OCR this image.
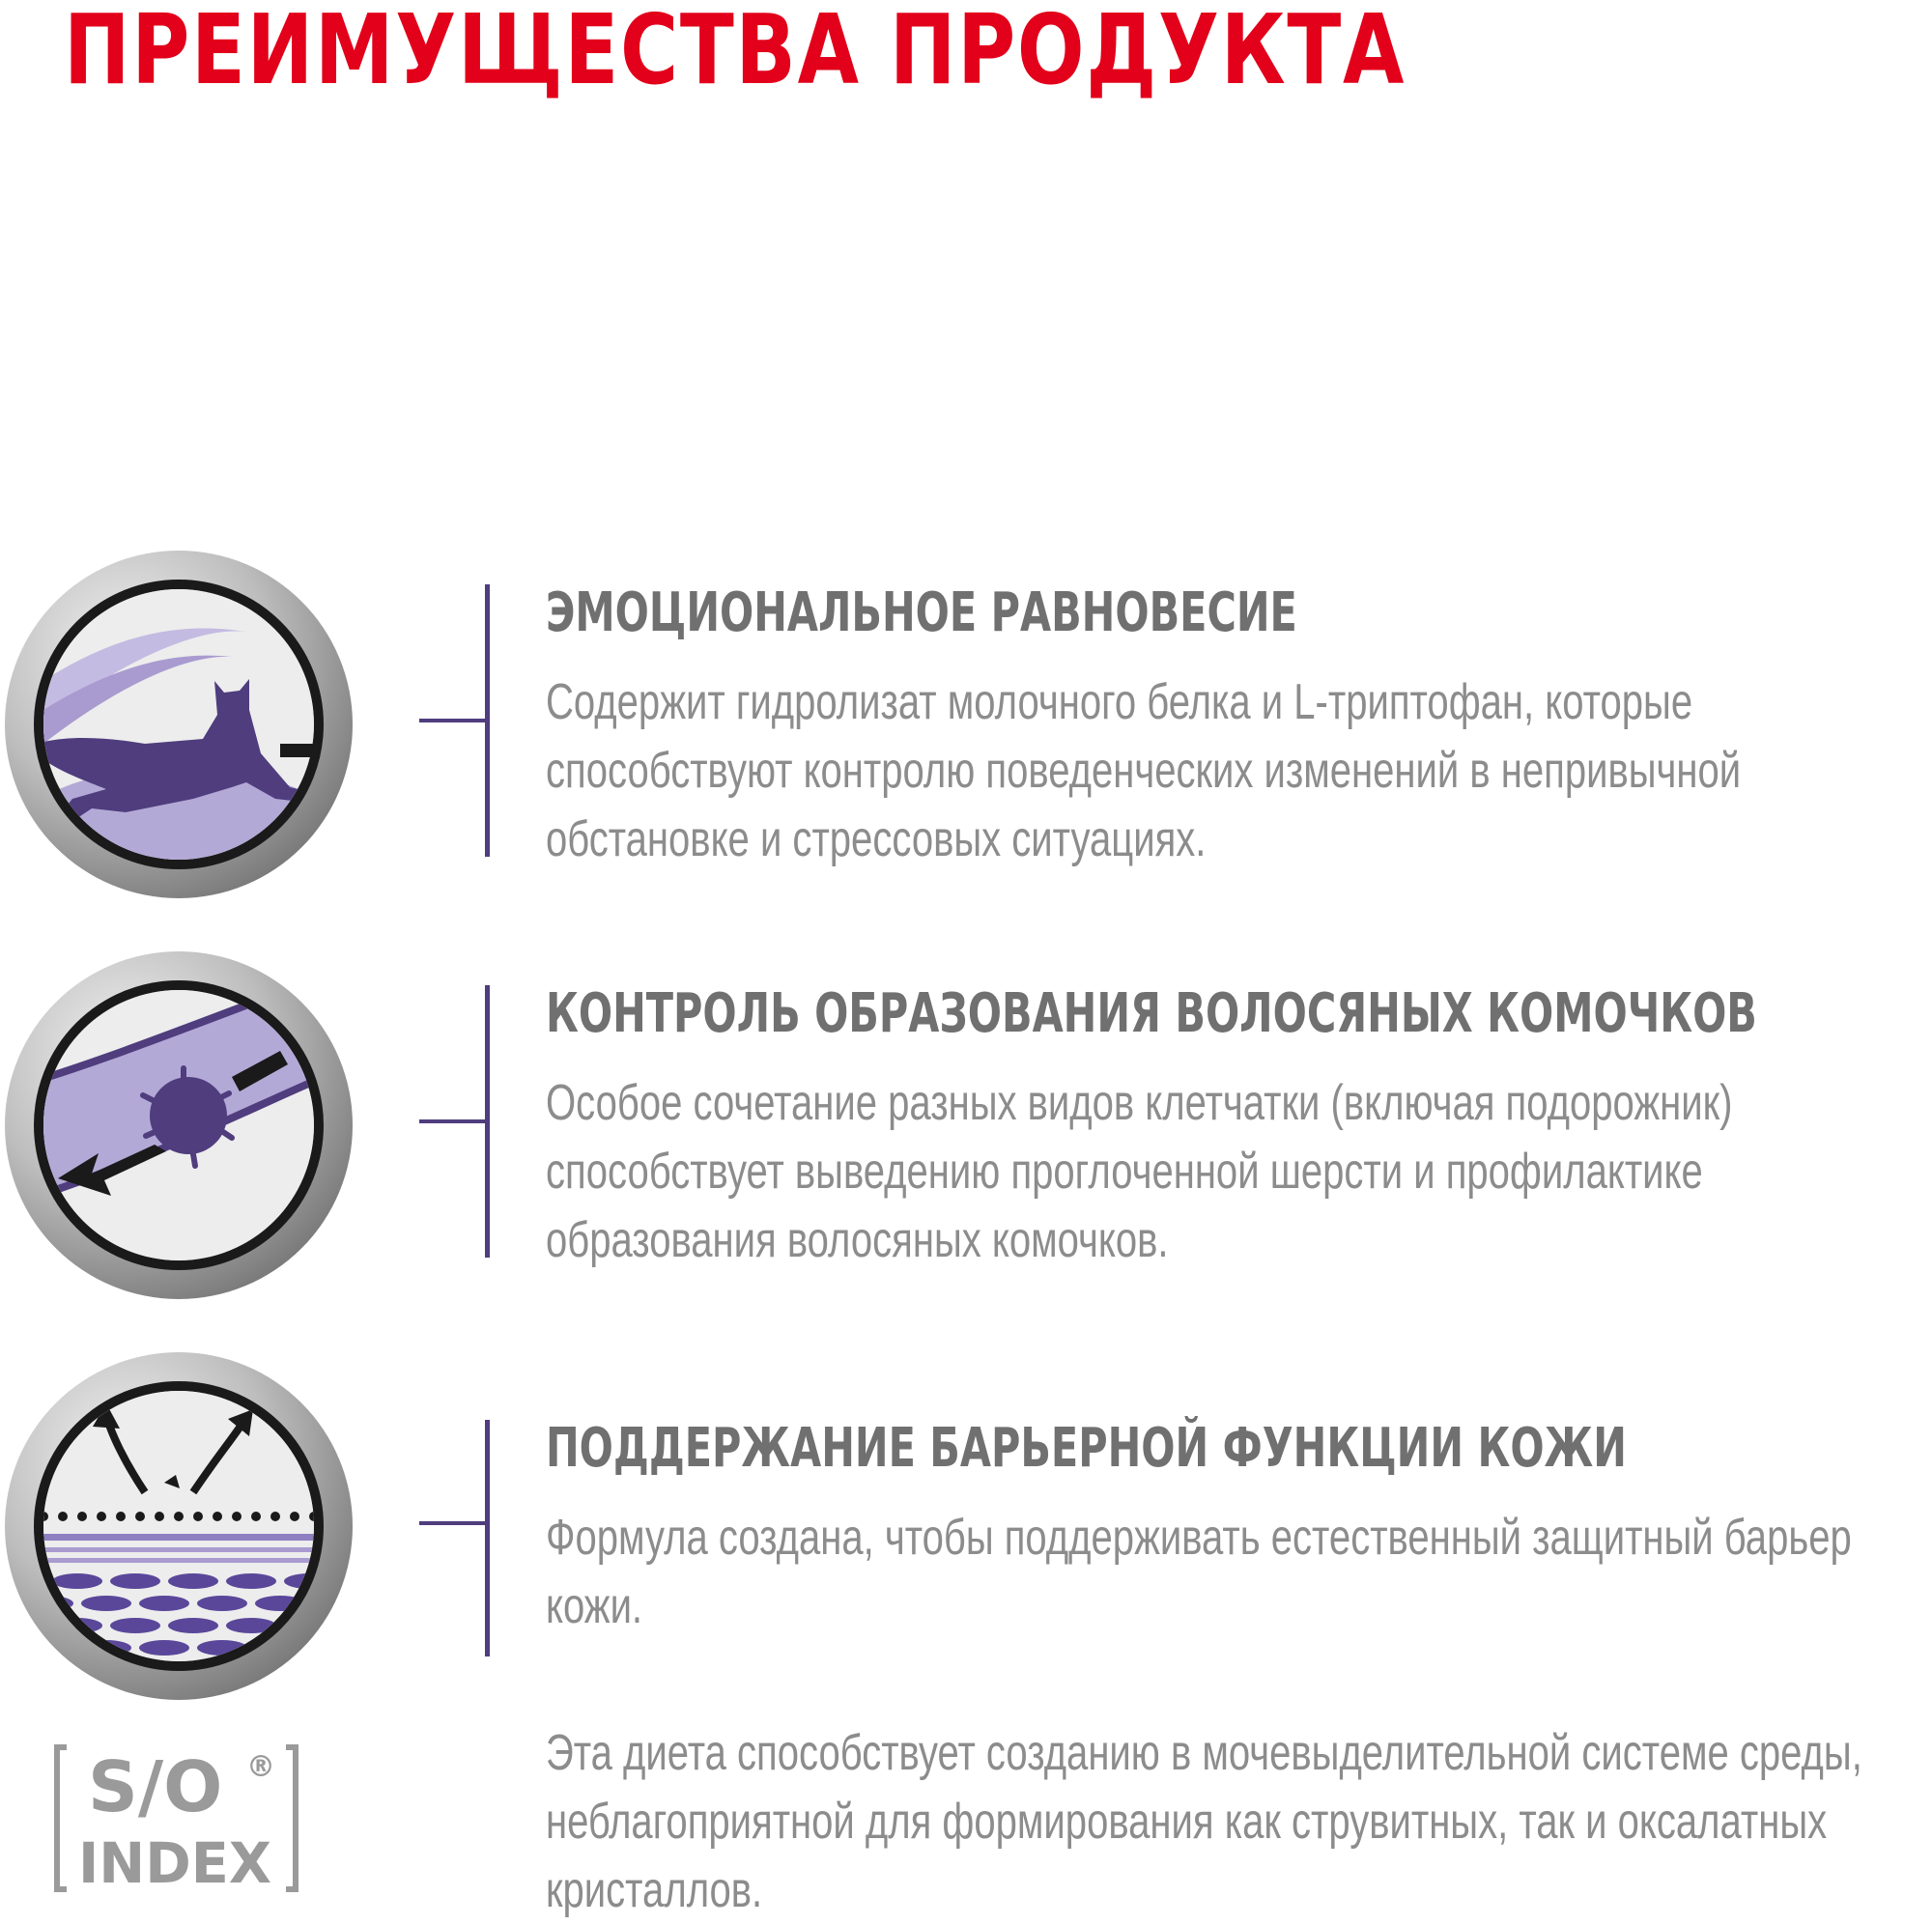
ПРЕИМУЩЕСТВА ПРОДУКТА
ЭМОЦИОНАЛЬНОЕ РАВНОВЕСИЕ

Содержит гидролизат молочного белка и L-триптофан, которые
способствуют контролю поведенческих изменений в непривычной
обстановке и стрессовых ситуациях.

КОНТРОЛЬ ОБРАЗОВАНИЯ ВОЛОСЯНЫХ КОМОЧКОВ

Особое сочетание разных видов клетчатки (включая подорожник)
способствует выведению проглоченной шерсти и профилактике
образования волосяных комочков.

ПОДДЕРЖАНИЕ БАРЬЕРНОЙ ФУНКЦИИ КОЖИ

Формула создана, чтобы поддерживать естественный защитный барьер
кожи.

S/O ®
INDEX

Эта диета способствует созданию в мочевыделительной системе среды,
неблагоприятной для формирования как струвитных, так и оксалатных
кристаллов.
